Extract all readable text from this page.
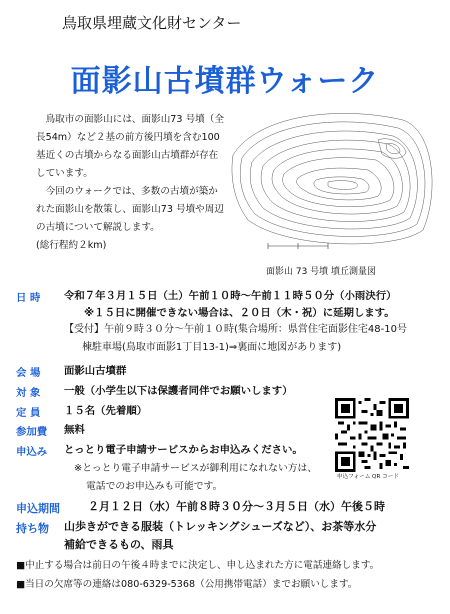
鳥取県埋蔵文化財センター
面影山古墳群ウォーク

鳥取市の面影山には、面影山73 号墳（全長54m）など２基の前方後円墳を含む100基近くの古墳からなる面影山古墳群が存在しています。

今回のウォークでは、多数の古墳が築かれた面影山を散策し、面影山73 号墳や周辺の古墳について解説します。

(総行程約２km)

面影山 73 号墳 墳丘測量図
日 時 令和７年３月１５日（土）午前１０時〜午前１１時５０分（小雨決行）
※１５日に開催できない場合は、２０日（木・祝）に延期します。
【受付】午前９時３０分〜午前１０時(集合場所：県営住宅面影住宅48-10号
棟駐車場(鳥取市面影1丁目13-1)⇒裏面に地図があります)
会 場 面影山古墳群
対 象 一般（小学生以下は保護者同伴でお願いします）
定 員 １５名（先着順）
参加費 無料
申込み とっとり電子申請サービスからお申込みください。
※とっとり電子申請サービスが御利用になれない方は、
電話でのお申込みも可能です。
申込期間	２月１２日（水）午前８時３０分〜３月５日（水）午後５時
持ち物 山歩きができる服装（トレッキングシューズなど）、お茶等水分
補給できるもの、雨具
■中止する場合は前日の午後４時までに決定し、申し込まれた方に電話連絡します。
■当日の欠席等の連絡は080-6329-5368（公用携帯電話）までお願いします。
申込フォーム QR コード
